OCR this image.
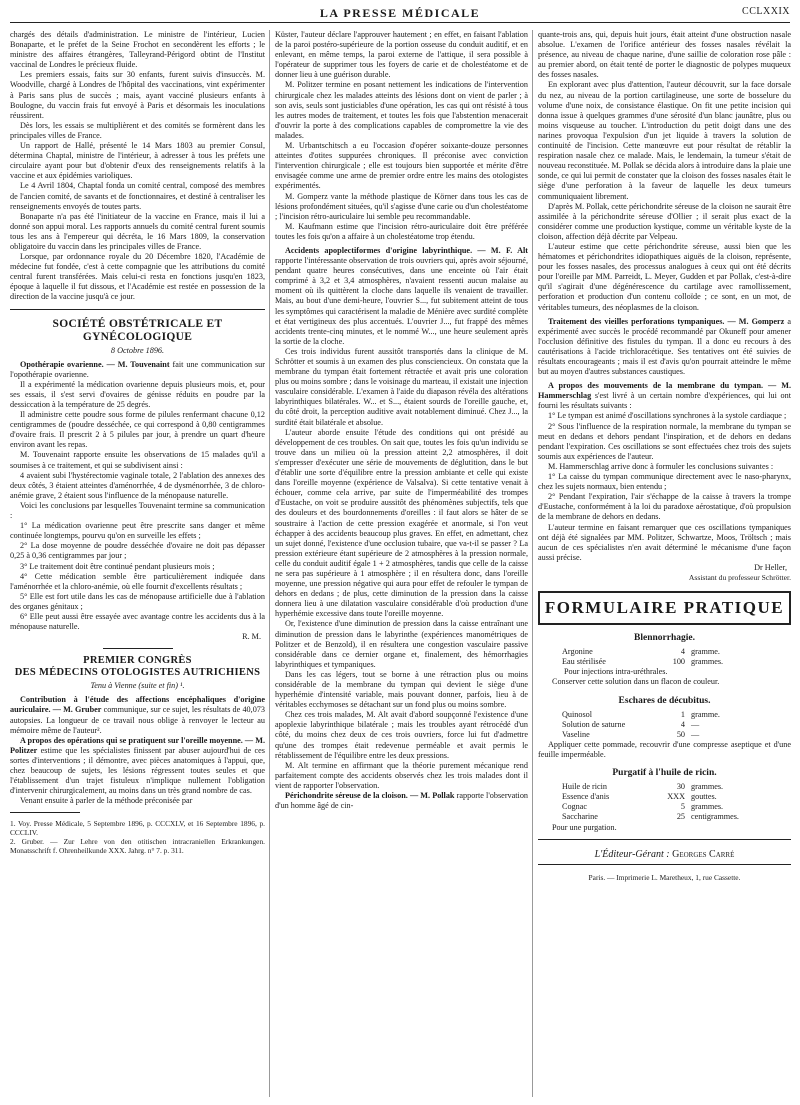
LA PRESSE MÉDICALE	CCLXXIX

chargés des détails d'administration. Le ministre de l'intérieur, Lucien Bonaparte, et le préfet de la Seine Frochot en secondèrent les efforts ; le ministre des affaires étrangères, Talleyrand-Périgord obtint de l'Institut vaccinal de Londres le précieux fluide.

Les premiers essais, faits sur 30 enfants, furent suivis d'insuccès. M. Woodville, chargé à Londres de l'hôpital des vaccinations, vint expérimenter à Paris sans plus de succès ; mais, ayant vacciné plusieurs enfants à Boulogne, du vaccin frais fut envoyé à Paris et désormais les inoculations réussirent.

Dès lors, les essais se multiplièrent et des comités se formèrent dans les principales villes de France.

Un rapport de Hallé, présenté le 14 Mars 1803 au premier Consul, détermina Chaptal, ministre de l'intérieur, à adresser à tous les préfets une circulaire ayant pour but d'obtenir d'eux des renseignements relatifs à la vaccine et aux épidémies varioliques.

Le 4 Avril 1804, Chaptal fonda un comité central, composé des membres de l'ancien comité, de savants et de fonctionnaires, et destiné à centraliser les renseignements envoyés de toutes parts.

Bonaparte n'a pas été l'initiateur de la vaccine en France, mais il lui a donné son appui moral. Les rapports annuels du comité central furent soumis tous les ans à l'empereur qui décréta, le 16 Mars 1809, la conservation obligatoire du vaccin dans les principales villes de France.

Lorsque, par ordonnance royale du 20 Décembre 1820, l'Académie de médecine fut fondée, c'est à cette compagnie que les attributions du comité central furent transférées. Mais celui-ci resta en fonctions jusqu'en 1823, époque à laquelle il fut dissous, et l'Académie est restée en possession de la direction de la vaccine jusqu'à ce jour.

SOCIÉTÉ OBSTÉTRICALE ET GYNÉCOLOGIQUE
8 Octobre 1896.

Opothérapie ovarienne. — M. Touvenaint fait une communication sur l'opothérapie ovarienne.

Il a expérimenté la médication ovarienne depuis plusieurs mois, et, pour ses essais, il s'est servi d'ovaires de génisse réduits en poudre par la dessiccation à la température de 25 degrés.

Il administre cette poudre sous forme de pilules renfermant chacune 0,12 centigrammes de (poudre desséchée, ce qui correspond à 0,80 centigrammes d'ovaire frais. Il prescrit 2 à 5 pilules par jour, à prendre un quart d'heure environ avant les repas.

M. Touvenaint rapporte ensuite les observations de 15 malades qu'il a soumises à ce traitement, et qui se subdivisent ainsi :

4 avaient subi l'hystérectomie vaginale totale, 2 l'ablation des annexes des deux côtés, 3 étaient atteintes d'aménorrhée, 4 de dysménorrhée, 3 de chloro-anémie grave, 2 étaient sous l'influence de la ménopause naturelle.

Voici les conclusions par lesquelles Touvenaint termine sa communication :

1° La médication ovarienne peut être prescrite sans danger et même continuée longtemps, pourvu qu'on en surveille les effets ;

2° La dose moyenne de poudre desséchée d'ovaire ne doit pas dépasser 0,25 à 0,36 centigrammes par jour ;

3° Le traitement doit être continué pendant plusieurs mois ;

4° Cette médication semble être particulièrement indiquée dans l'aménorrhée et la chloro-anémie, où elle fournit d'excellents résultats ;

5° Elle est fort utile dans les cas de ménopause artificielle due à l'ablation des organes génitaux ;

6° Elle peut aussi être essayée avec avantage contre les accidents dus à la ménopause naturelle.

R. M.

PREMIER CONGRÈS
DES MÉDECINS OTOLOGISTES AUTRICHIENS
Tenu à Vienne (suite et fin) ¹.

Contribution à l'étude des affections encéphaliques d'origine auriculaire. — M. Gruber communique, sur ce sujet, les résultats de 40,073 autopsies. La longueur de ce travail nous oblige à renvoyer le lecteur au mémoire même de l'auteur².

A propos des opérations qui se pratiquent sur l'oreille moyenne. — M. Politzer estime que les spécialistes finissent par abuser aujourd'hui de ces sortes d'interventions ; il démontre, avec pièces anatomiques à l'appui, que, chez beaucoup de sujets, les lésions régressent toutes seules et que l'établissement d'un trajet fistuleux n'implique nullement l'obligation d'intervenir chirurgicalement, au moins dans un très grand nombre de cas.

Venant ensuite à parler de la méthode préconisée par

1. Voy. Presse Médicale, 5 Septembre 1896, p. CCCXLV, et 16 Septembre 1896, p. CCCLIV.

2. Gruber. — Zur Lehre von den otitischen intracraniellen Erkrankungen. Monatsschrift f. Ohrenheilkunde XXX. Jahrg. n° 7. p. 311.

Küster, l'auteur déclare l'approuver hautement ; en effet, en faisant l'ablation de la paroi postéro-supérieure de la portion osseuse du conduit auditif, et en enlevant, en même temps, la paroi externe de l'attique, il sera possible à l'opérateur de supprimer tous les foyers de carie et de cholestéatome et de donner lieu à une guérison durable.

M. Politzer termine en posant nettement les indications de l'intervention chirurgicale chez les malades atteints des lésions dont on vient de parler ; à son avis, seuls sont justiciables d'une opération, les cas qui ont résisté à tous les autres modes de traitement, et toutes les fois que l'abstention menacerait d'ouvrir la porte à des complications capables de compromettre la vie des malades.

M. Urbantschitsch a eu l'occasion d'opérer soixante-douze personnes atteintes d'otites suppurées chroniques. Il préconise avec conviction l'intervention chirurgicale ; elle est toujours bien supportée et mérite d'être envisagée comme une arme de premier ordre entre les mains des otologistes expérimentés.

M. Gomperz vante la méthode plastique de Körner dans tous les cas de lésions profondément situées, qu'il s'agisse d'une carie ou d'un cholestéatome ; l'incision rétro-auriculaire lui semble peu recommandable.

M. Kaufmann estime que l'incision rétro-auriculaire doit être préférée toutes les fois qu'on a affaire à un cholestéatome trop étendu.

Accidents apoplectiformes d'origine labyrinthique. — M. F. Alt rapporte l'intéressante observation de trois ouvriers qui, après avoir séjourné, pendant quatre heures consécutives, dans une enceinte où l'air était comprimé à 3,2 et 3,4 atmosphères, n'avaient ressenti aucun malaise au moment où ils quittèrent la cloche dans laquelle ils venaient de travailler. Mais, au bout d'une demi-heure, l'ouvrier S..., fut subitement atteint de tous les symptômes qui caractérisent la maladie de Ménière avec surdité complète et état vertigineux des plus accentués. L'ouvrier J..., fut frappé des mêmes accidents trente-cinq minutes, et le nommé W..., une heure seulement après la sortie de la cloche.

Ces trois individus furent aussitôt transportés dans la clinique de M. Schrötter et soumis à un examen des plus consciencieux. On constata que la membrane du tympan était fortement rétractée et avait pris une coloration plus ou moins sombre ; dans le voisinage du marteau, il existait une injection vasculaire considérable. L'examen à l'aide du diapason révéla des altérations labyrinthiques bilatérales. W... et S..., étaient sourds de l'oreille gauche, et, du côté droit, la perception auditive avait notablement diminué. Chez J..., la surdité était bilatérale et absolue.

L'auteur aborde ensuite l'étude des conditions qui ont présidé au développement de ces troubles. On sait que, toutes les fois qu'un individu se trouve dans un milieu où la pression atteint 2,2 atmosphères, il doit s'empresser d'exécuter une série de mouvements de déglutition, dans le but d'établir une sorte d'équilibre entre la pression ambiante et celle qui existe dans l'oreille moyenne (expérience de Valsalva). Si cette tentative venait à échouer, comme cela arrive, par suite de l'imperméabilité des trompes d'Eustache, on voit se produire aussitôt des phénomènes subjectifs, tels que des douleurs et des bourdonnements d'oreilles : il faut alors se hâter de se soustraire à l'action de cette pression exagérée et anormale, si l'on veut échapper à des accidents beaucoup plus graves. En effet, en admettant, chez un sujet donné, l'existence d'une occlusion tubaire, que va-t-il se passer ? La pression extérieure étant supérieure de 2 atmosphères à la pression normale, celle du conduit auditif égale 1 + 2 atmosphères, tandis que celle de la caisse ne sera pas supérieure à 1 atmosphère ; il en résultera donc, dans l'oreille moyenne, une pression négative qui aura pour effet de refouler le tympan de dehors en dedans ; de plus, cette diminution de la pression dans la caisse donnera lieu à une dilatation vasculaire considérable d'où production d'une hyperhémie excessive dans toute l'oreille moyenne.

Or, l'existence d'une diminution de pression dans la caisse entraînant une diminution de pression dans le labyrinthe (expériences manométriques de Politzer et de Benzold), il en résultera une congestion vasculaire passive considérable dans ce dernier organe et, finalement, des hémorrhagies labyrinthiques et tympaniques.

Dans les cas légers, tout se borne à une rétraction plus ou moins considérable de la membrane du tympan qui devient le siège d'une hyperhémie d'intensité variable, mais pouvant donner, parfois, lieu à de véritables ecchymoses se détachant sur un fond plus ou moins sombre.

Chez ces trois malades, M. Alt avait d'abord soupçonné l'existence d'une apoplexie labyrinthique bilatérale ; mais les troubles ayant rétrocédé d'un côté, du moins chez deux de ces trois ouvriers, force lui fut d'admettre qu'une des trompes était redevenue perméable et avait permis le rétablissement de l'équilibre entre les deux pressions.

M. Alt termine en affirmant que la théorie purement mécanique rend parfaitement compte des accidents observés chez les trois malades dont il vient de rapporter l'observation.

Périchondrite séreuse de la cloison. — M. Pollak rapporte l'observation d'un homme âgé de cin-

quante-trois ans, qui, depuis huit jours, était atteint d'une obstruction nasale absolue. L'examen de l'orifice antérieur des fosses nasales révélait la présence, au niveau de chaque narine, d'une saillie de coloration rose pâle : au premier abord, on était tenté de porter le diagnostic de polypes muqueux des fosses nasales.

En explorant avec plus d'attention, l'auteur découvrit, sur la face dorsale du nez, au niveau de la portion cartilagineuse, une sorte de bosselure du volume d'une noix, de consistance élastique. On fit une petite incision qui donna issue à quelques grammes d'une sérosité d'un blanc jaunâtre, plus ou moins visqueuse au toucher. L'introduction du petit doigt dans une des narines provoqua l'expulsion d'un jet liquide à travers la solution de continuité de l'incision. Cette manœuvre eut pour résultat de rétablir la respiration nasale chez ce malade. Mais, le lendemain, la tumeur s'était de nouveau reconstituée. M. Pollak se décida alors à introduire dans la plaie une sonde, ce qui lui permit de constater que la cloison des fosses nasales était le siège d'une perforation à la faveur de laquelle les deux tumeurs communiquaient librement.

D'après M. Pollak, cette périchondrite séreuse de la cloison ne saurait être assimilée à la périchondrite séreuse d'Ollier ; il serait plus exact de la considérer comme une production kystique, comme un véritable kyste de la cloison, affection déjà décrite par Velpeau.

L'auteur estime que cette périchondrite séreuse, aussi bien que les hématomes et périchondrites idiopathiques aiguës de la cloison, représente, pour les fosses nasales, des processus analogues à ceux qui ont été décrits pour l'oreille par MM. Parreidt, L. Meyer, Gudden et par Pollak, c'est-à-dire qu'il s'agirait d'une dégénérescence du cartilage avec ramollissement, perforation et production d'un contenu colloïde ; ce sont, en un mot, de véritables tumeurs, des néoplasmes de la cloison.

Traitement des vieilles perforations tympaniques. — M. Gomperz a expérimenté avec succès le procédé recommandé par Okuneff pour amener l'occlusion définitive des fistules du tympan. Il a donc eu recours à des cautérisations à l'acide trichloracétique. Ses tentatives ont été suivies de résultats encourageants ; mais il est d'avis qu'on pourrait atteindre le même but au moyen d'autres substances caustiques.

A propos des mouvements de la membrane du tympan. — M. Hammerschlag s'est livré à un certain nombre d'expériences, qui lui ont fourni les résultats suivants :

1° Le tympan est animé d'oscillations synchrones à la systole cardiaque ;

2° Sous l'influence de la respiration normale, la membrane du tympan se meut en dedans et dehors pendant l'inspiration, et de dehors en dedans pendant l'expiration. Ces oscillations se sont effectuées chez trois des sujets soumis aux expériences de l'auteur.

M. Hammerschlag arrive donc à formuler les conclusions suivantes :

1° La caisse du tympan communique directement avec le naso-pharynx, chez les sujets normaux, bien entendu ;

2° Pendant l'expiration, l'air s'échappe de la caisse à travers la trompe d'Eustache, conformément à la loi du paradoxe aérostatique, d'où propulsion de la membrane de dehors en dedans.

L'auteur termine en faisant remarquer que ces oscillations tympaniques ont déjà été signalées par MM. Politzer, Schwartze, Moos, Tröltsch ; mais aucun de ces spécialistes n'en avait déterminé le mécanisme d'une façon aussi précise.

Dr Heller,

Assistant du professeur Schrötter.

FORMULAIRE PRATIQUE
Blennorrhagie.
Argonine	4 gramme.
Eau stérilisée	100 grammes.

Pour injections intra-uréthrales.

Conserver cette solution dans un flacon de couleur.

Eschares de décubitus.
Quinosol	1 gramme.
Solution de saturne	4 —
Vaseline	50 —

Appliquer cette pommade, recouvrir d'une compresse aseptique et d'une feuille imperméable.

Purgatif à l'huile de ricin.
Huile de ricin	30 grammes.
Essence d'anis	XXX gouttes.
Cognac	5 grammes.
Saccharine	25 centigrammes.

Pour une purgation.

L'Éditeur-Gérant : Georges Carré
Paris. — Imprimerie L. Maretheux, 1, rue Cassette.
